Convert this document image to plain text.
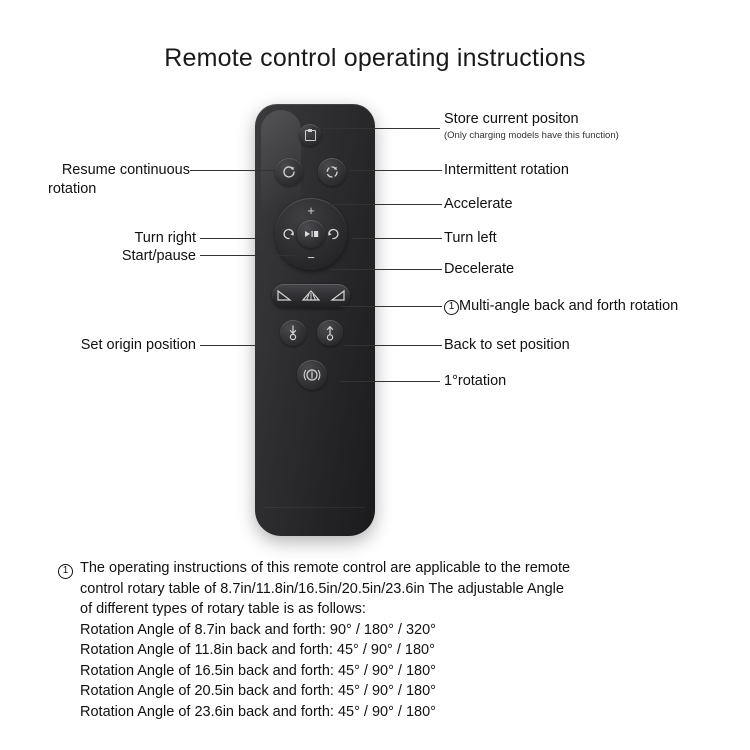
Remote control operating instructions
+
−
Store current positon
(Only charging models have this function)
Intermittent rotation
Accelerate
Turn left
Decelerate
1 Multi-angle back and forth rotation
Back to set position
1°rotation
Resume continuous

rotation
Turn right
Start/pause
Set origin position
1 The operating instructions of this remote control are applicable to the remote
control rotary table of 8.7in/11.8in/16.5in/20.5in/23.6in The adjustable Angle
of different types of rotary table is as follows:
Rotation Angle of 8.7in back and forth: 90° / 180° / 320°
Rotation Angle of 11.8in back and forth: 45° / 90° / 180°
Rotation Angle of 16.5in back and forth: 45° / 90° / 180°
Rotation Angle of 20.5in back and forth: 45° / 90° / 180°
Rotation Angle of 23.6in back and forth: 45° / 90° / 180°
